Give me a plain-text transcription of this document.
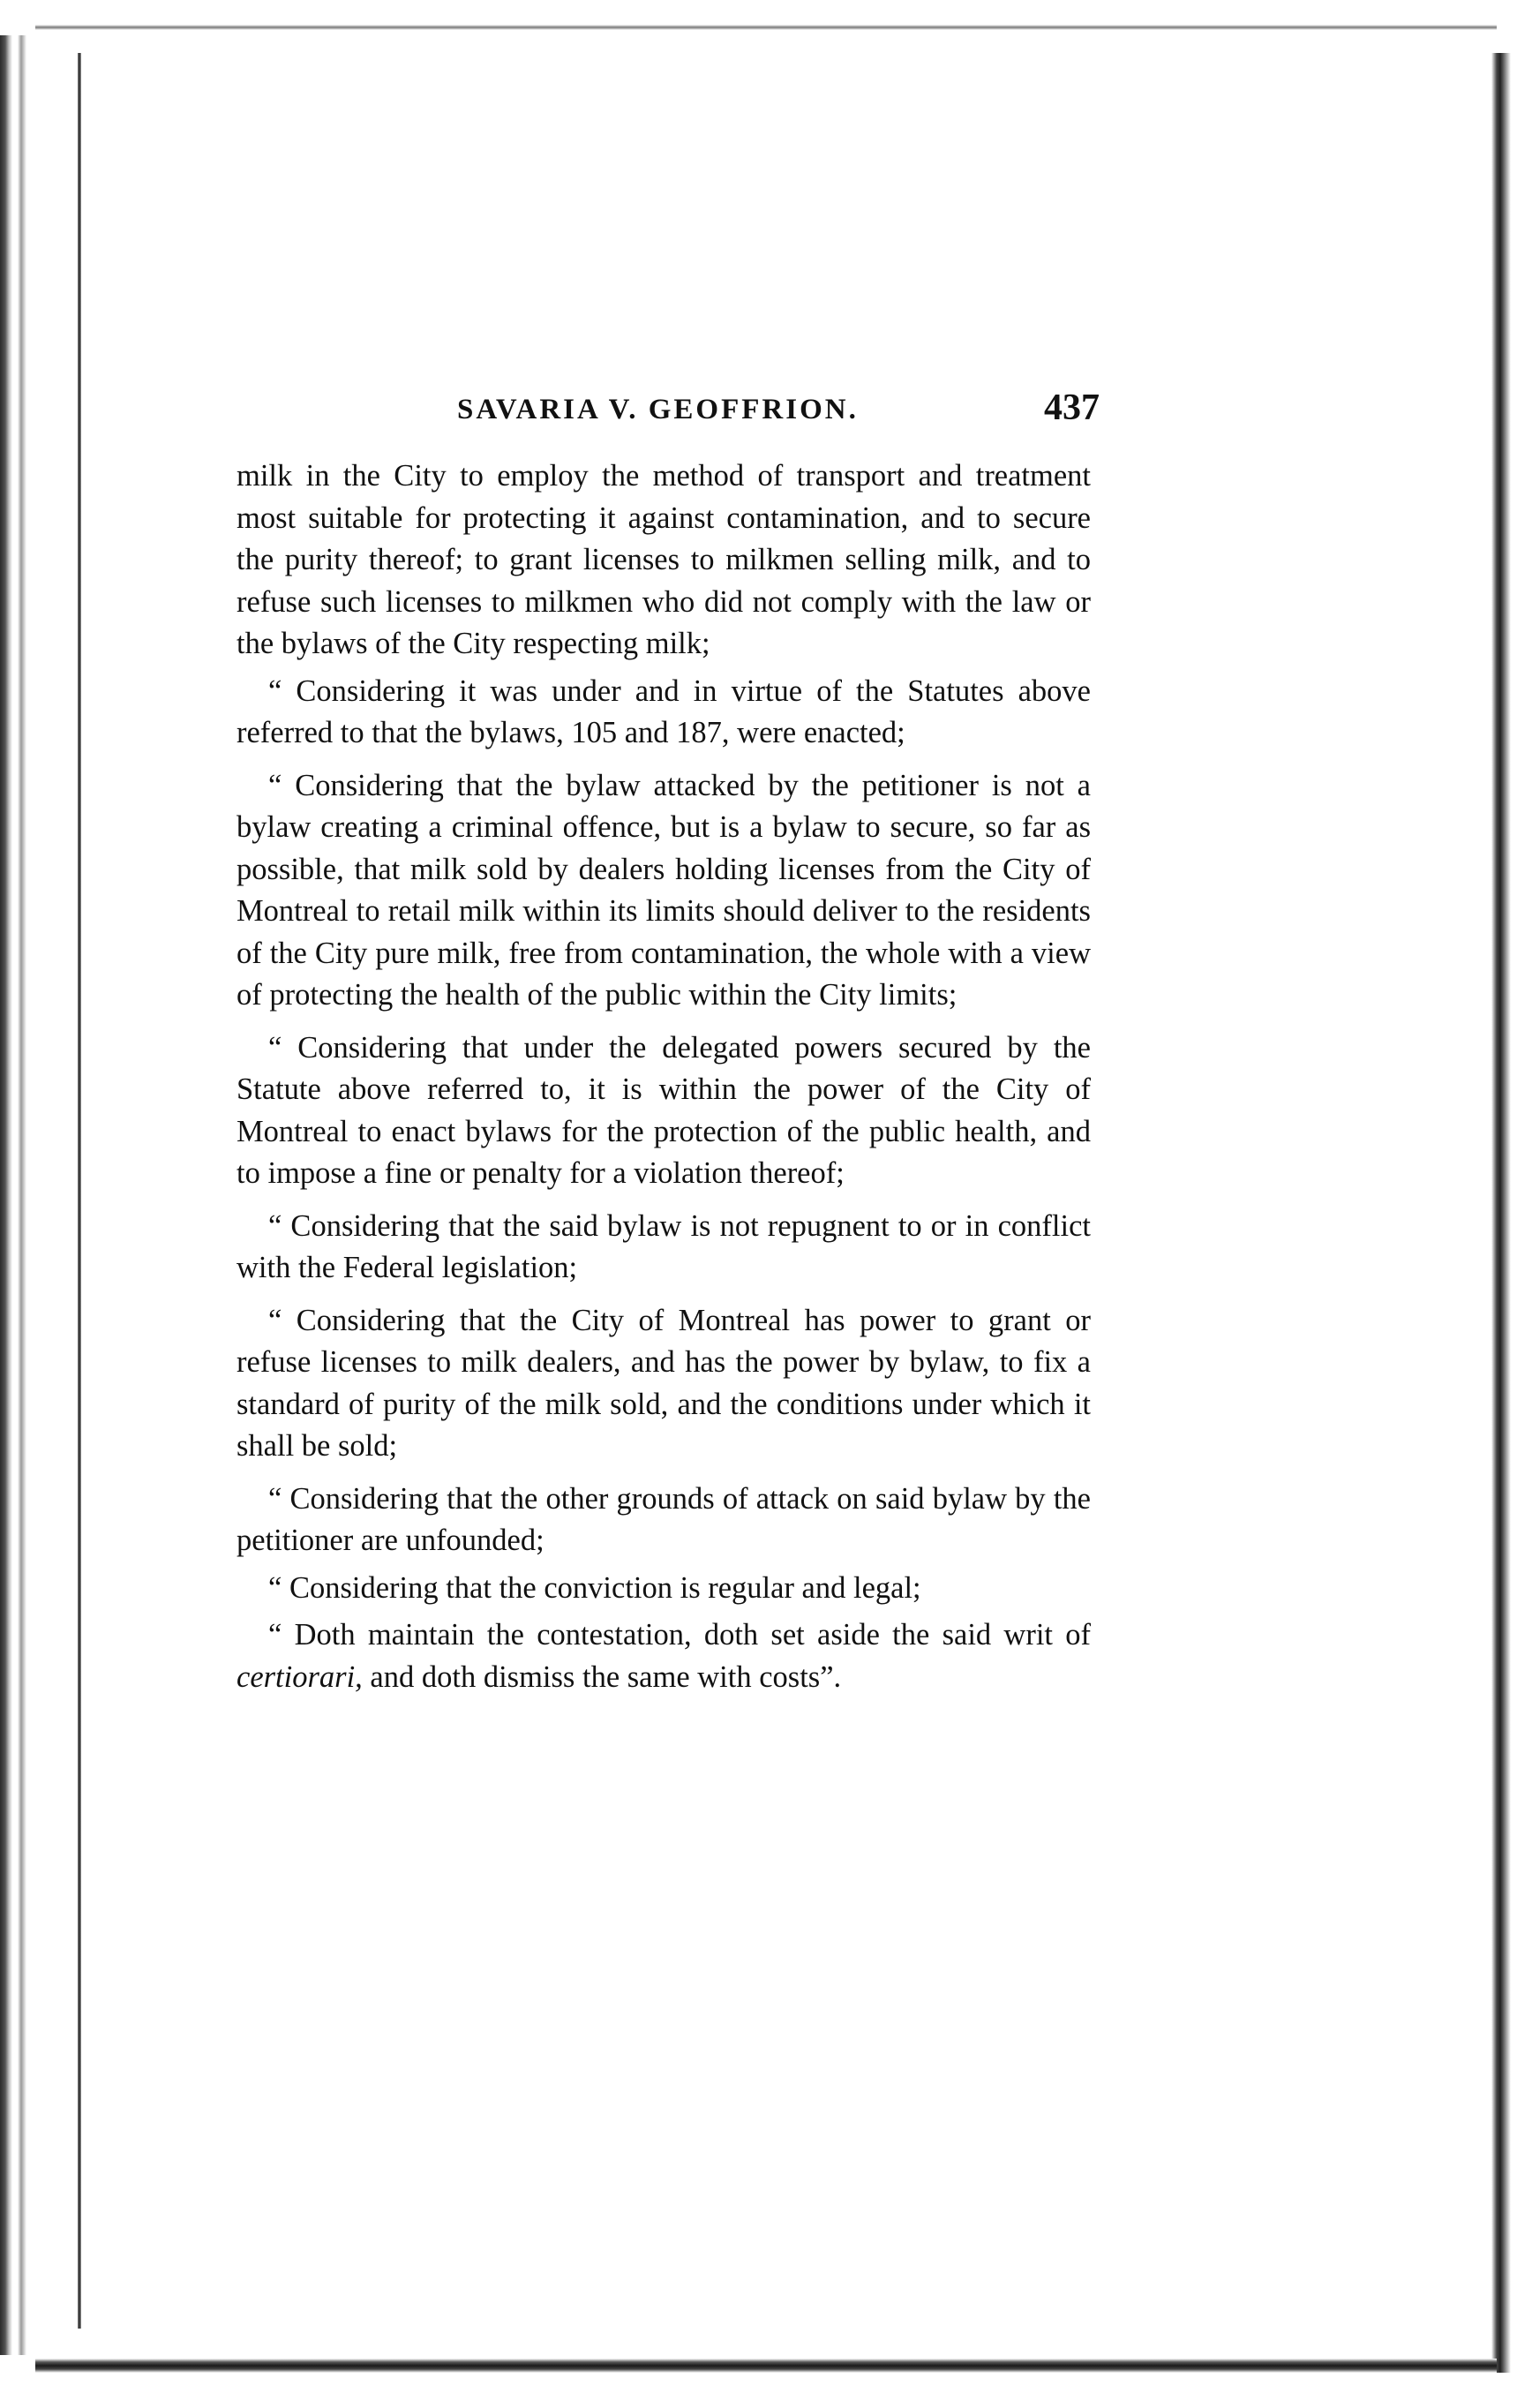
SAVARIA V. GEOFFRION.	437

milk in the City to employ the method of transport and treatment most suitable for protecting it against contamination, and to secure the purity thereof; to grant licenses to milkmen selling milk, and to refuse such licenses to milkmen who did not comply with the law or the bylaws of the City respecting milk;

“ Considering it was under and in virtue of the Statutes above referred to that the bylaws, 105 and 187, were enacted;

“ Considering that the bylaw attacked by the petitioner is not a bylaw creating a criminal offence, but is a bylaw to secure, so far as possible, that milk sold by dealers holding licenses from the City of Montreal to retail milk within its limits should deliver to the residents of the City pure milk, free from contamination, the whole with a view of protecting the health of the public within the City limits;

“ Considering that under the delegated powers secured by the Statute above referred to, it is within the power of the City of Montreal to enact bylaws for the protection of the public health, and to impose a fine or penalty for a violation thereof;

“ Considering that the said bylaw is not repugnent to or in conflict with the Federal legislation;

“ Considering that the City of Montreal has power to grant or refuse licenses to milk dealers, and has the power by bylaw, to fix a standard of purity of the milk sold, and the conditions under which it shall be sold;

“ Considering that the other grounds of attack on said bylaw by the petitioner are unfounded;

“ Considering that the conviction is regular and legal;

“ Doth maintain the contestation, doth set aside the said writ of certiorari, and doth dismiss the same with costs”.
